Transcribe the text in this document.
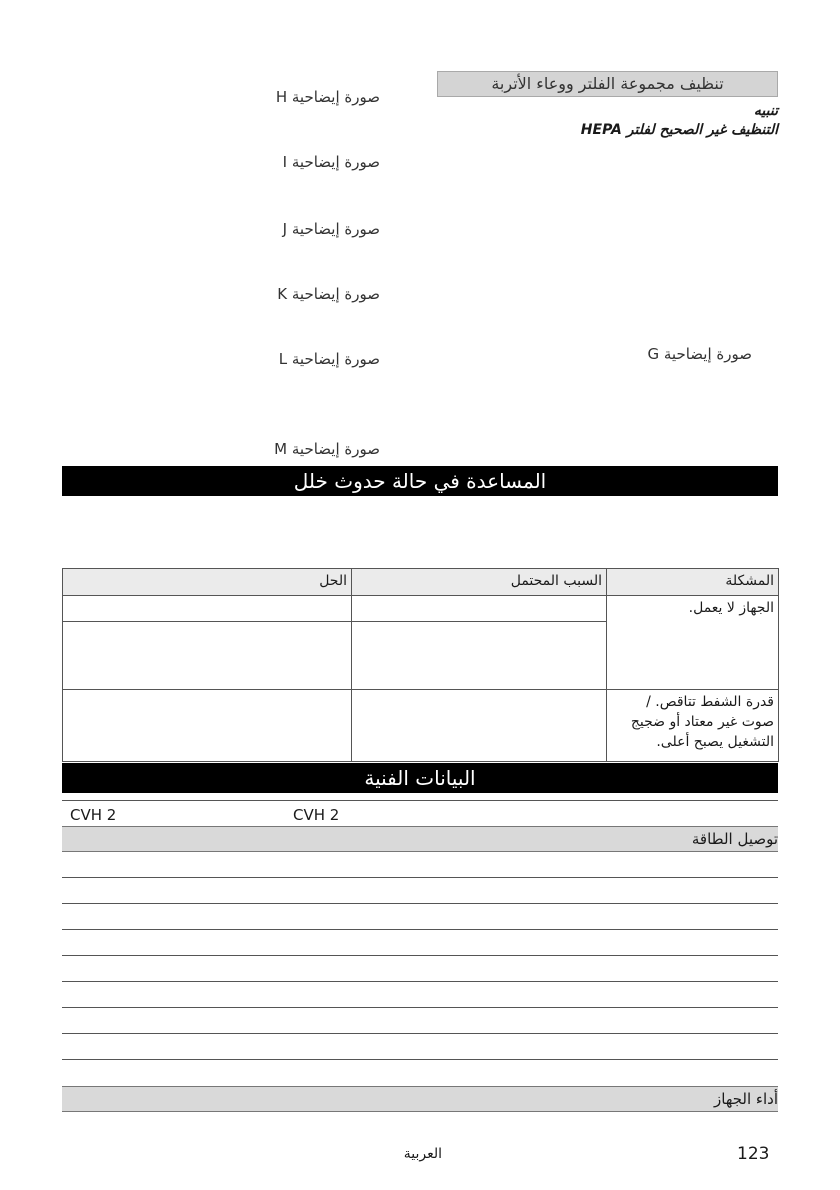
صورة إيضاحية H
صورة إيضاحية I
صورة إيضاحية J
صورة إيضاحية K
صورة إيضاحية L
صورة إيضاحية M
تنظيف مجموعة الفلتر ووعاء الأتربة
تنبيه
التنظيف غير الصحيح لفلتر HEPA
صورة إيضاحية G
المساعدة في حالة حدوث خلل
المشكلة	السبب المحتمل	الحل
الجهاز لا يعمل.		

قدرة الشفط تتاقص. / صوت غير معتاد أو ضجيج التشغيل يصبح أعلى.		
البيانات الفنية
CVH 2	CVH 2
توصيل الطاقة
أداء الجهاز
العربية	123
